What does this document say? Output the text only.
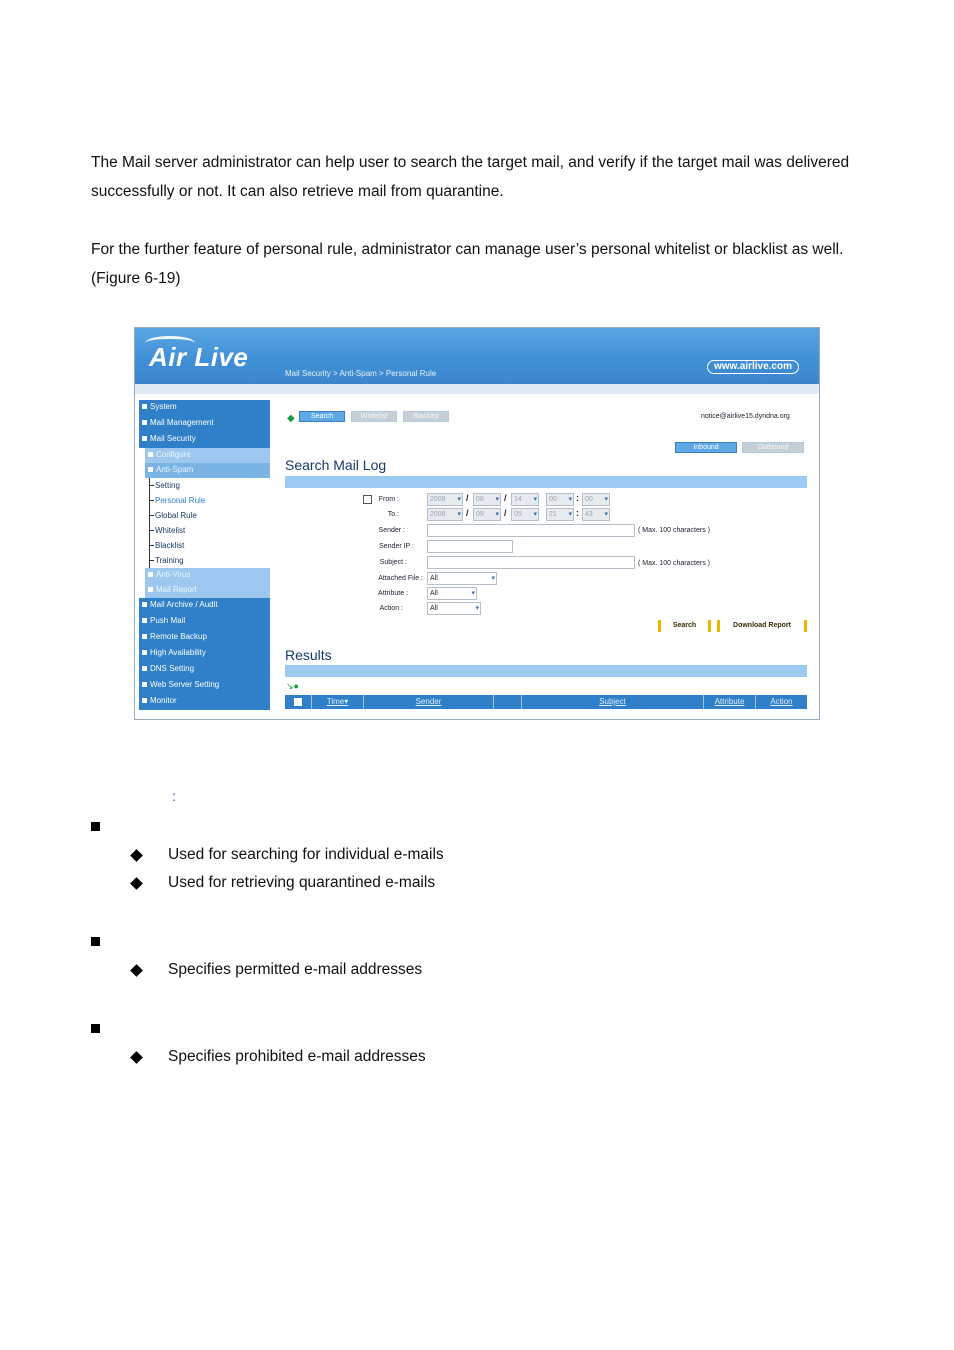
The Mail server administrator can help user to search the target mail, and verify if the target mail was delivered successfully or not. It can also retrieve mail from quarantine.

For the further feature of personal rule, administrator can manage user’s personal whitelist or blacklist as well. (Figure 6-19)

Air Live
Mail Security > Anti-Spam > Personal Rule
www.airlive.com
System
Mail Management
Mail Security
Configure
Anti-Spam
Setting
Personal Rule
Global Rule
Whitelist
Blacklist
Training
Anti-Virus
Mail Report
Mail Archive / Audit
Push Mail
Remote Backup
High Availability
DNS Setting
Web Server Setting
Monitor
◆	Search	Whitelist	Blacklist	notice@airlive15.dyndna.org
Inbound	Outbound
Search Mail Log
From :	2008 ▾	/	08 ▾	/	14 ▾	00 ▾	: 00 ▾
To :	2008 ▾	/	09 ▾	/	05 ▾	21 ▾	: 43 ▾
Sender :	( Max. 100 characters )
Sender IP :
Subject :	( Max. 100 characters )
Attached File :	All ▾
Attribute :	All ▾
Action :	All ▾
Search	Download Report
Results
↘●
Time▾	Sender	Subject	Attribute	Action
:
Used for searching for individual e-mails
Used for retrieving quarantined e-mails
Specifies permitted e-mail addresses
Specifies prohibited e-mail addresses
